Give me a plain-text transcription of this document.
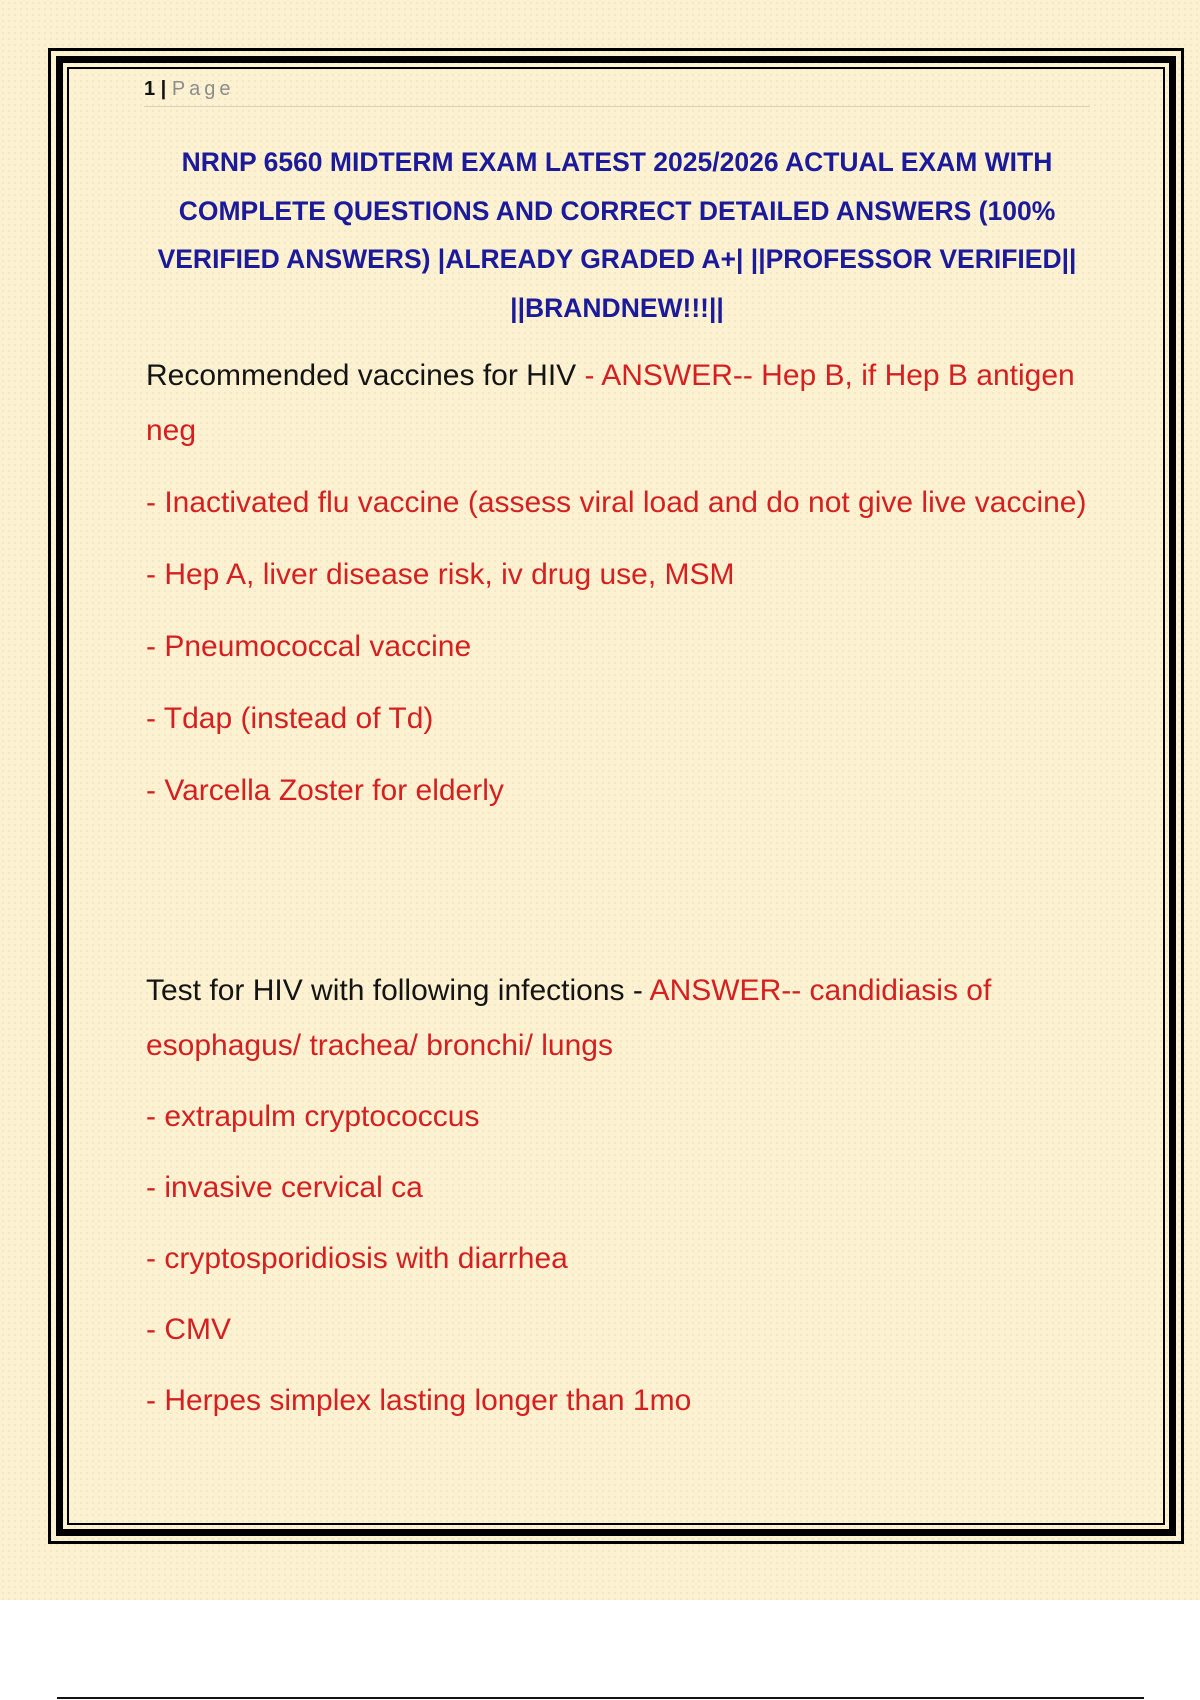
1 | Page
NRNP 6560 MIDTERM EXAM LATEST 2025/2026 ACTUAL EXAM WITH COMPLETE QUESTIONS AND CORRECT DETAILED ANSWERS (100% VERIFIED ANSWERS) |ALREADY GRADED A+| ||PROFESSOR VERIFIED|| ||BRANDNEW!!!||

Recommended vaccines for HIV - ANSWER-- Hep B, if Hep B antigen neg

- Inactivated flu vaccine (assess viral load and do not give live vaccine)

- Hep A, liver disease risk, iv drug use, MSM

- Pneumococcal vaccine

- Tdap (instead of Td)

- Varcella Zoster for elderly

Test for HIV with following infections - ANSWER-- candidiasis of esophagus/ trachea/ bronchi/ lungs

- extrapulm cryptococcus

- invasive cervical ca

- cryptosporidiosis with diarrhea

- CMV

- Herpes simplex lasting longer than 1mo
